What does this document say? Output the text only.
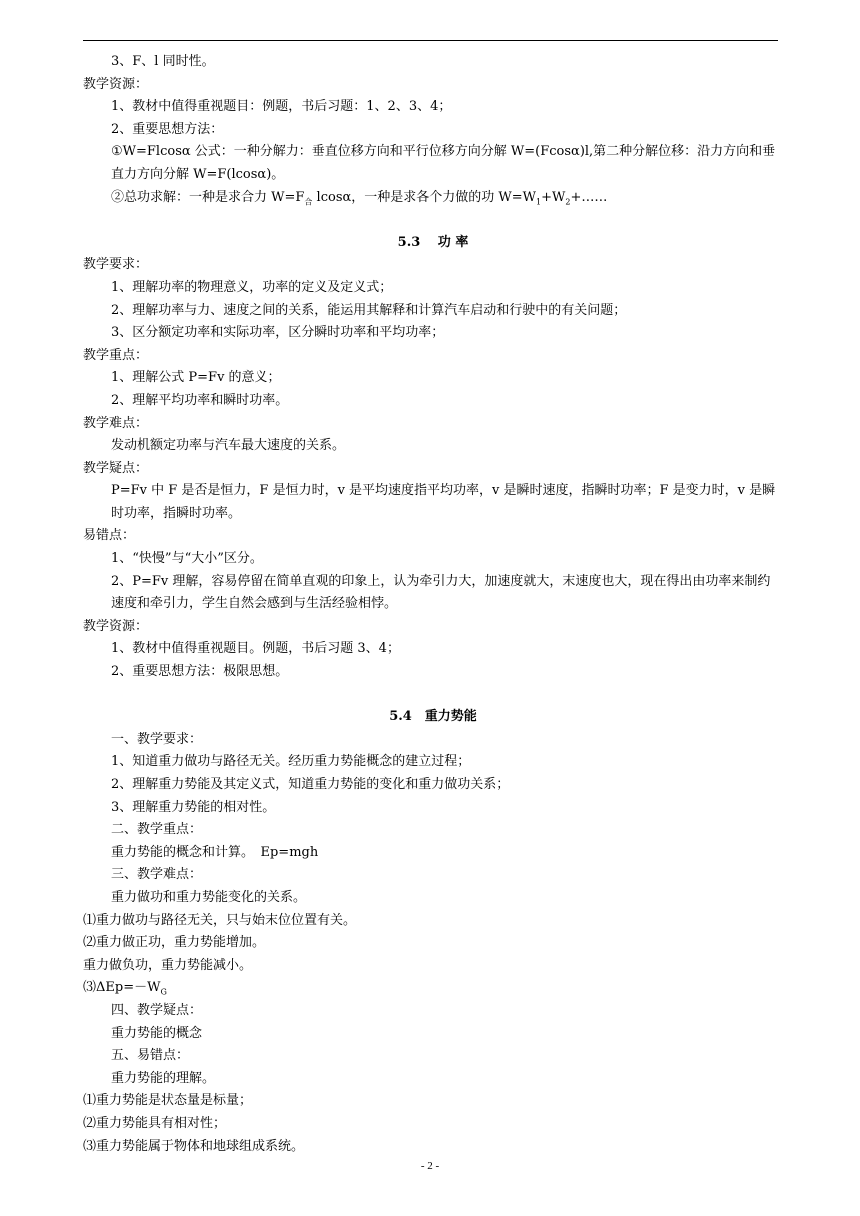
3、F、l 同时性。
教学资源：
1、教材中值得重视题目：例题，书后习题：1、2、3、4；
2、重要思想方法：
①W=Flcosα 公式：一种分解力：垂直位移方向和平行位移方向分解 W=(Fcosα)l,第二种分解位移：沿力方向和垂直力方向分解 W=F(lcosα)。
②总功求解：一种是求合力 $W=F_合$ lcosα，一种是求各个力做的功 $W=W_1+W_2+\dots\dots$
5.3　 功 率
教学要求：
1、理解功率的物理意义，功率的定义及定义式；
2、理解功率与力、速度之间的关系，能运用其解释和计算汽车启动和行驶中的有关问题；
3、区分额定功率和实际功率，区分瞬时功率和平均功率；
教学重点：
1、理解公式 P=Fv 的意义；
2、理解平均功率和瞬时功率。
教学难点：
发动机额定功率与汽车最大速度的关系。
教学疑点：
P=Fv 中 F 是否是恒力，F 是恒力时，v 是平均速度指平均功率，v 是瞬时速度，指瞬时功率；F 是变力时，v 是瞬时功率，指瞬时功率。
易错点：
1、“快慢”与“大小”区分。
2、P=Fv 理解，容易停留在简单直观的印象上，认为牵引力大，加速度就大，末速度也大，现在得出由功率来制约速度和牵引力，学生自然会感到与生活经验相悖。
教学资源：
1、教材中值得重视题目。例题，书后习题 3、4；
2、重要思想方法：极限思想。
5.4　重力势能
一、教学要求：
1、知道重力做功与路径无关。经历重力势能概念的建立过程；
2、理解重力势能及其定义式，知道重力势能的变化和重力做功关系；
3、理解重力势能的相对性。
二、教学重点：
重力势能的概念和计算。　Ep=mgh
三、教学难点：
重力做功和重力势能变化的关系。
⑴重力做功与路径无关，只与始末位位置有关。
⑵重力做正功，重力势能增加。
重力做负功，重力势能减小。
$⑶\Delta Ep=-W_G$
四、教学疑点：
重力势能的概念
五、易错点：
重力势能的理解。
⑴重力势能是状态量是标量；
⑵重力势能具有相对性；
⑶重力势能属于物体和地球组成系统。
- 2 -
